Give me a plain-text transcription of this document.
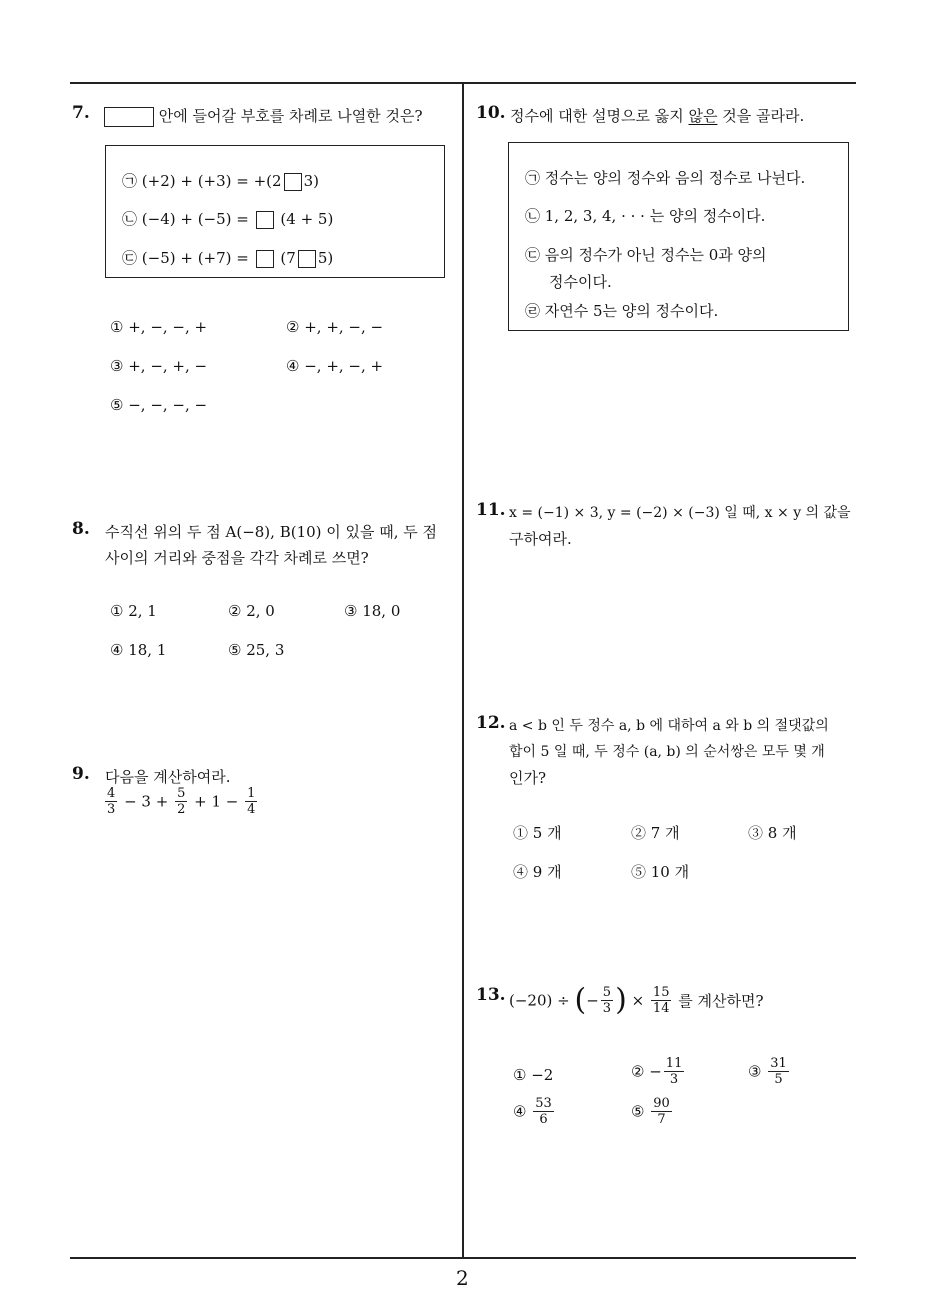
7.	안에 들어갈 부호를 차례로 나열한 것은?
㉠ (+2) + (+3) = +(2 3)
㉡ (−4) + (−5) = (4 + 5)
㉢ (−5) + (+7) = (7 5)
① +, −, −, +	② +, +, −, −
③ +, −, +, −	④ −, +, −, +
⑤ −, −, −, −
8. 수직선 위의 두 점 A(−8), B(10) 이 있을 때, 두 점
사이의 거리와 중점을 각각 차례로 쓰면?
① 2, 1	② 2, 0	③ 18, 0
④ 18, 1	⑤ 25, 3
9. 다음을 계산하여라.
$\frac{4}{3} - 3 + \frac{5}{2} + 1 - \frac{1}{4}$
10. 정수에 대한 설명으로 옳지 않은 것을 골라라.
㉠ 정수는 양의 정수와 음의 정수로 나뉜다.
㉡ 1, 2, 3, 4, · · · 는 양의 정수이다.
㉢ 음의 정수가 아닌 정수는 0과 양의
정수이다.
㉣ 자연수 5는 양의 정수이다.
11. x = (−1) × 3, y = (−2) × (−3) 일 때, x × y 의 값을
구하여라.
12. a < b 인 두 정수 a, b 에 대하여 a 와 b 의 절댓값의
합이 5 일 때, 두 정수 (a, b) 의 순서쌍은 모두 몇 개
인가?
① 5 개	② 7 개	③ 8 개
④ 9 개	⑤ 10 개
13. (−20) ÷ (− $\frac{5}{3}$ ) × $\frac{15}{14}$ 를 계산하면?
① −2	② − $\frac{11}{3}$	③ $\frac{31}{5}$
④ $\frac{53}{6}$	⑤ $\frac{90}{7}$
2
